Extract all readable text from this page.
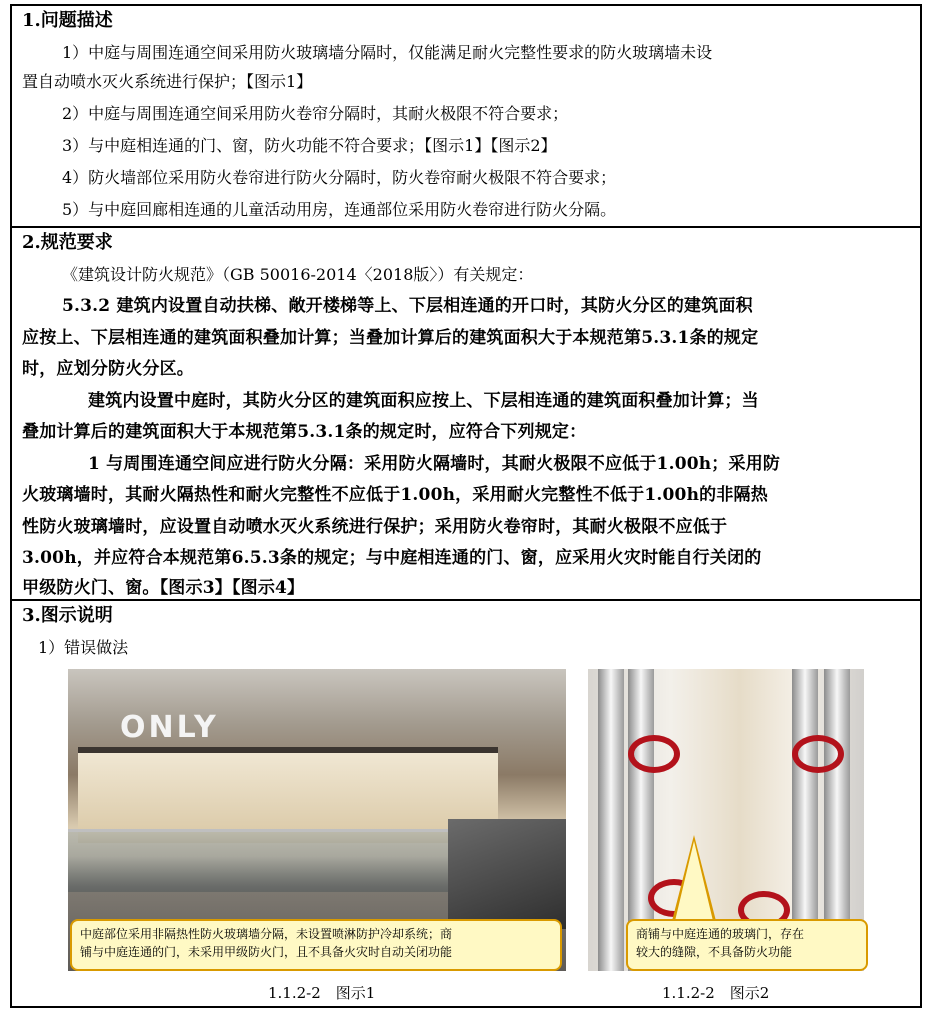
1.问题描述
1）中庭与周围连通空间采用防火玻璃墙分隔时，仅能满足耐火完整性要求的防火玻璃墙未设
置自动喷水灭火系统进行保护；【图示1】
2）中庭与周围连通空间采用防火卷帘分隔时，其耐火极限不符合要求；
3）与中庭相连通的门、窗，防火功能不符合要求；【图示1】【图示2】
4）防火墙部位采用防火卷帘进行防火分隔时，防火卷帘耐火极限不符合要求；
5）与中庭回廊相连通的儿童活动用房，连通部位采用防火卷帘进行防火分隔。
2.规范要求
《建筑设计防火规范》（GB 50016-2014〈2018版〉）有关规定：
5.3.2 建筑内设置自动扶梯、敞开楼梯等上、下层相连通的开口时，其防火分区的建筑面积
应按上、下层相连通的建筑面积叠加计算；当叠加计算后的建筑面积大于本规范第5.3.1条的规定
时，应划分防火分区。
建筑内设置中庭时，其防火分区的建筑面积应按上、下层相连通的建筑面积叠加计算；当
叠加计算后的建筑面积大于本规范第5.3.1条的规定时，应符合下列规定：
1 与周围连通空间应进行防火分隔：采用防火隔墙时，其耐火极限不应低于1.00h；采用防
火玻璃墙时，其耐火隔热性和耐火完整性不应低于1.00h，采用耐火完整性不低于1.00h的非隔热
性防火玻璃墙时，应设置自动喷水灭火系统进行保护；采用防火卷帘时，其耐火极限不应低于
3.00h，并应符合本规范第6.5.3条的规定；与中庭相连通的门、窗，应采用火灾时能自行关闭的
甲级防火门、窗。【图示3】【图示4】
3.图示说明
1）错误做法
ONLY
中庭部位采用非隔热性防火玻璃墙分隔，未设置喷淋防护冷却系统；商
铺与中庭连通的门，未采用甲级防火门，且不具备火灾时自动关闭功能
商铺与中庭连通的玻璃门，存在
较大的缝隙，不具备防火功能
1.1.2-2　图示1	1.1.2-2　图示2
